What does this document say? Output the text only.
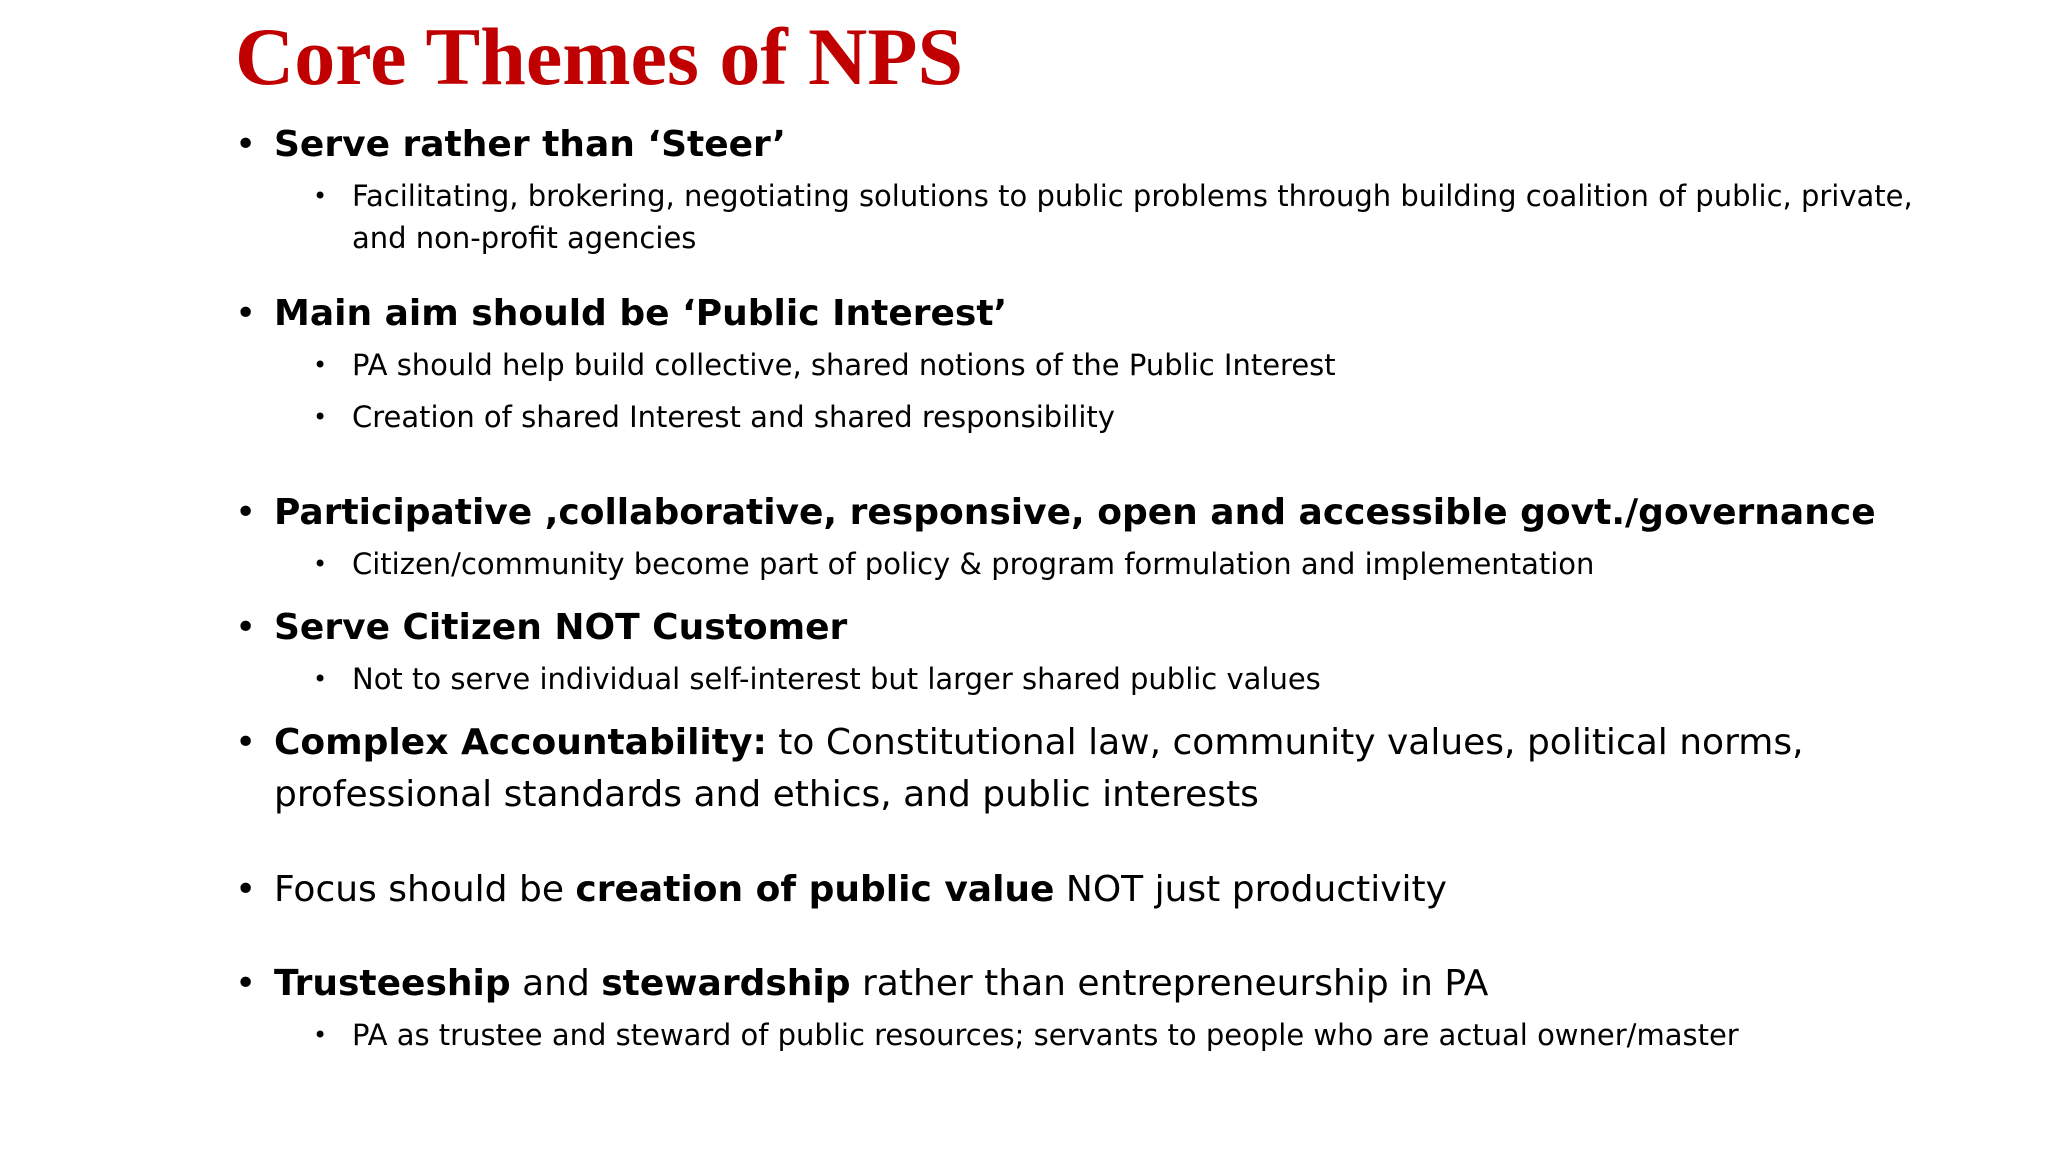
Core Themes of NPS
• Serve rather than ‘Steer’
• Facilitating, brokering, negotiating solutions to public problems through building coalition of public, private, and non-profit agencies
• Main aim should be ‘Public Interest’
• PA should help build collective, shared notions of the Public Interest
• Creation of shared Interest and shared responsibility
• Participative ,collaborative, responsive, open and accessible govt./governance
• Citizen/community become part of policy & program formulation and implementation
• Serve Citizen NOT Customer
• Not to serve individual self-interest but larger shared public values
• Complex Accountability: to Constitutional law, community values, political norms, professional standards and ethics, and public interests
• Focus should be creation of public value NOT just productivity
• Trusteeship and stewardship rather than entrepreneurship in PA
• PA as trustee and steward of public resources; servants to people who are actual owner/master
